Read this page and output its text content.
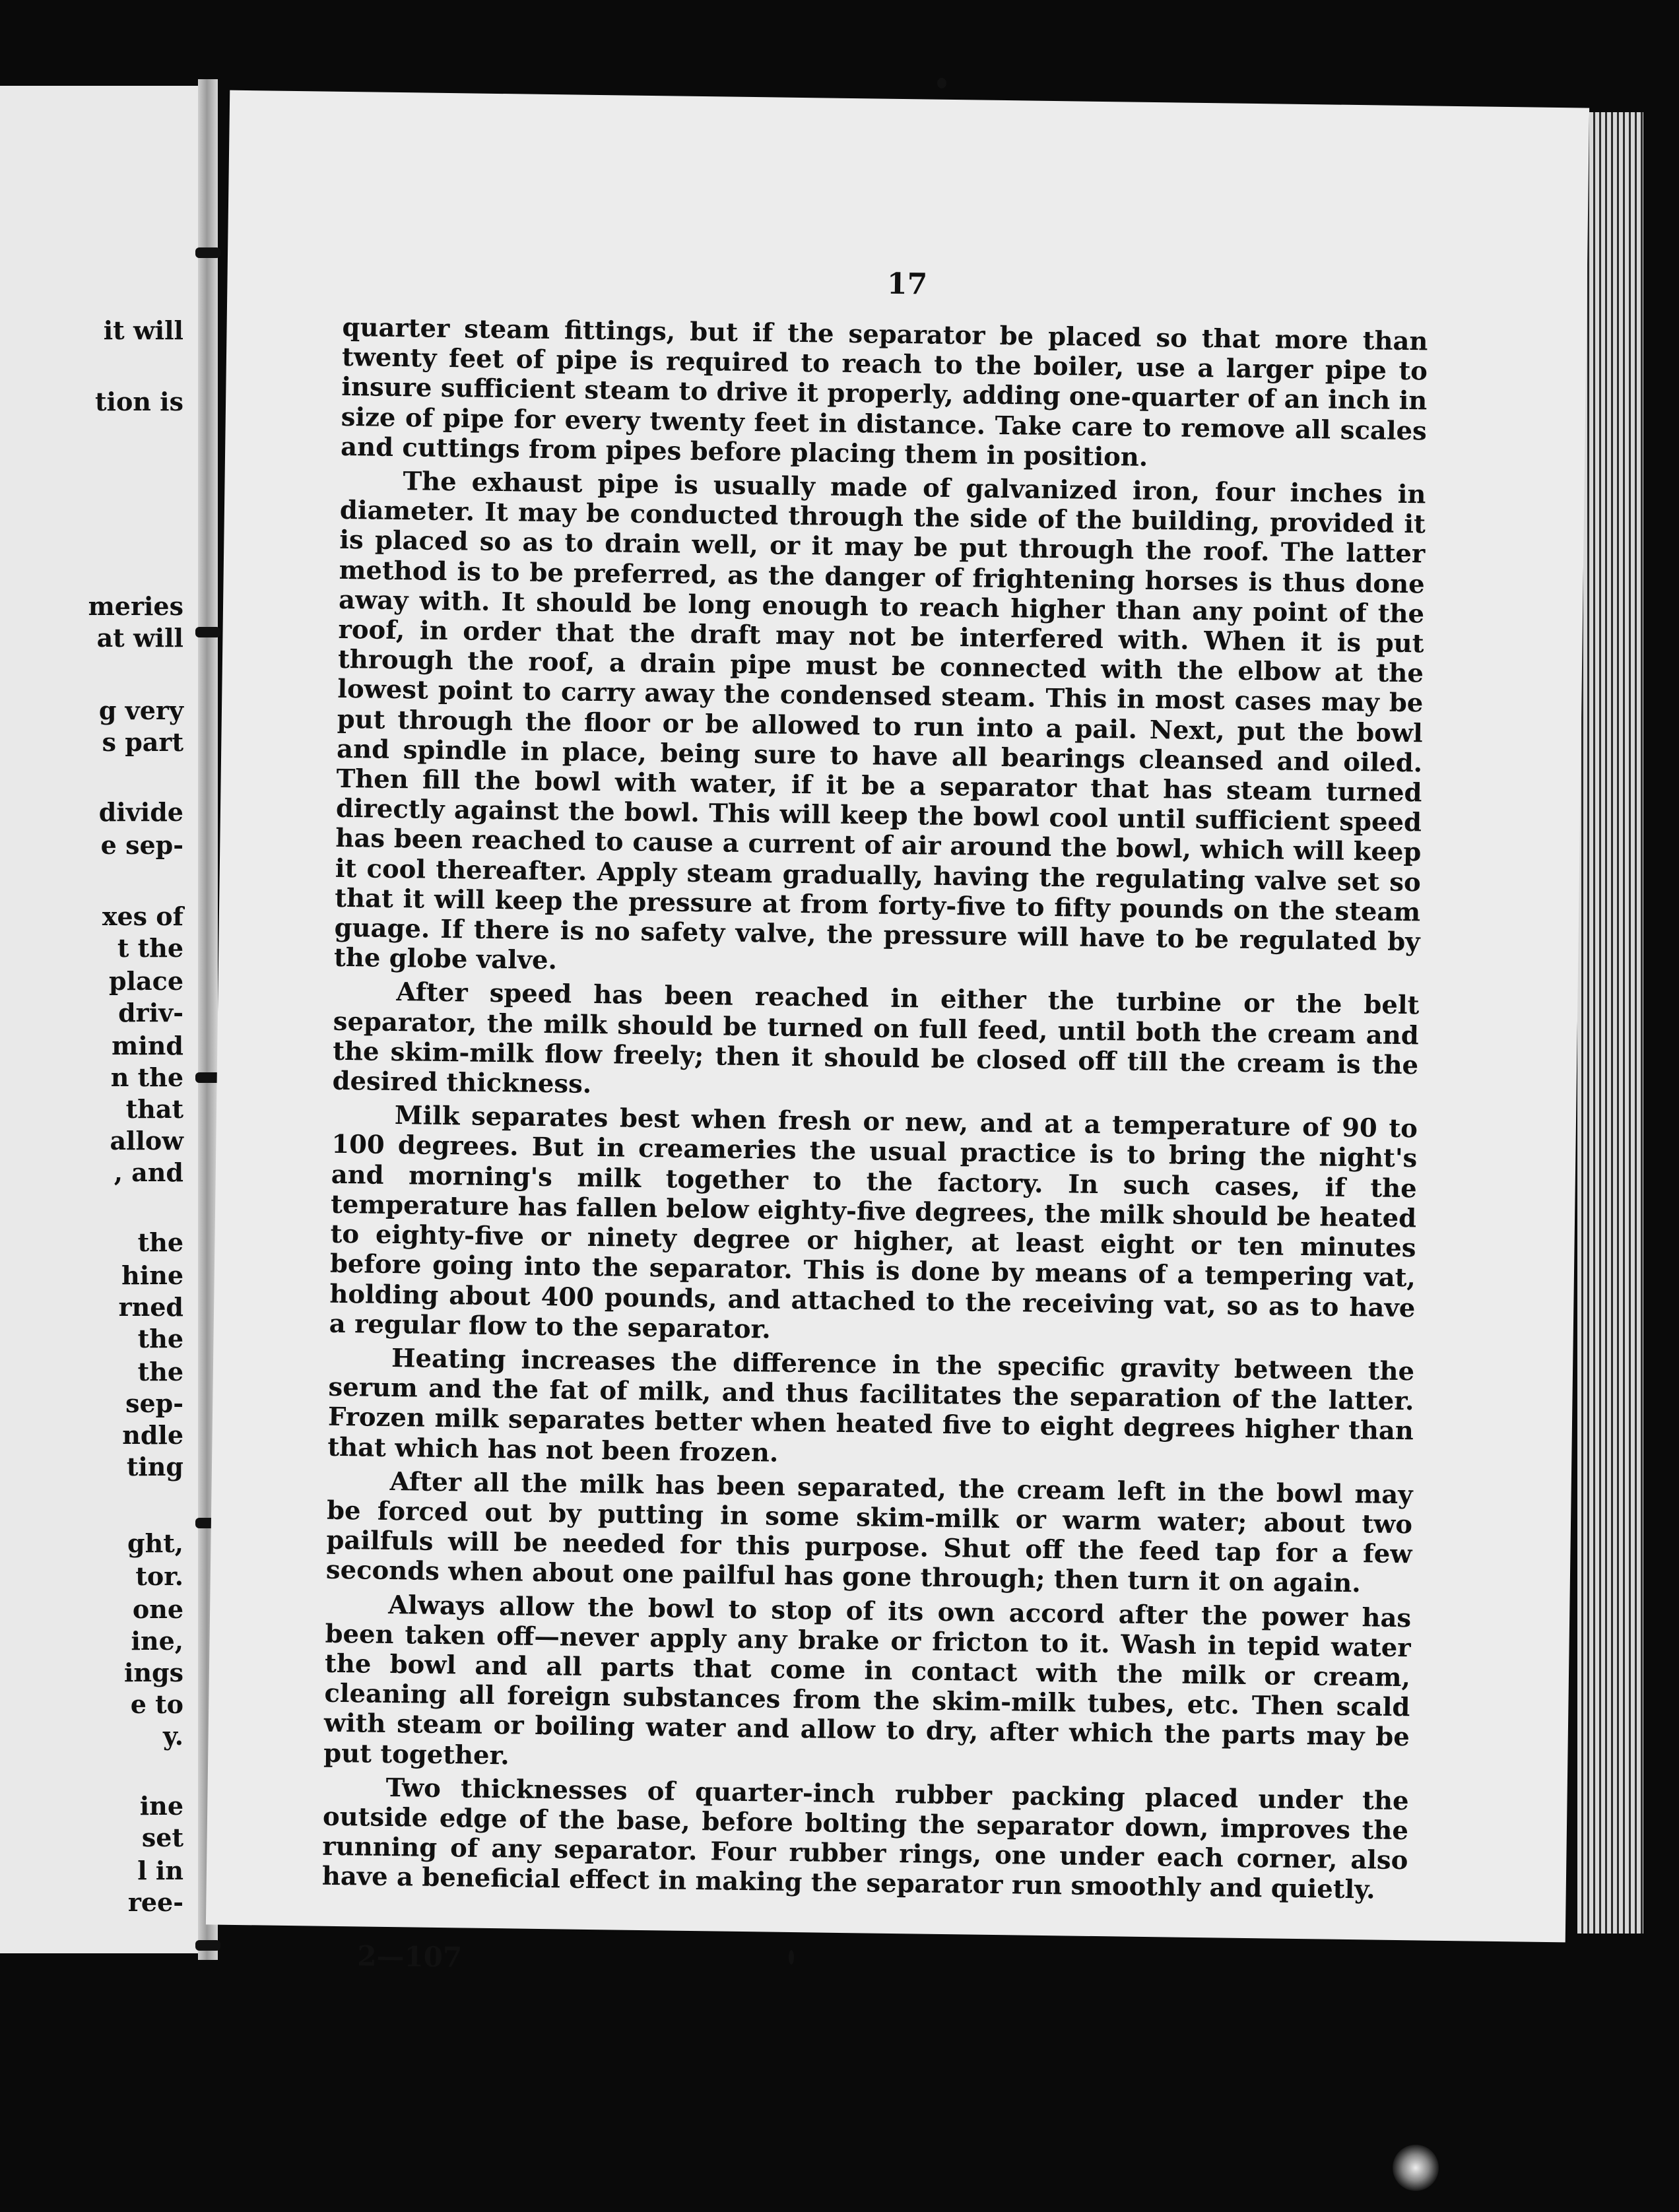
it will

tion is

meries

at will

g very

s part

divide

e sep-

xes of

t the

place

driv-

mind

n the

that

allow

, and

the

hine

rned

the

the

sep-

ndle

ting

ght,

tor.

one

ine,

ings

e to

y.

ine

set

l in

ree-

17

quarter steam fittings, but if the separator be placed so that more than twenty feet of pipe is required to reach to the boiler, use a larger pipe to insure sufficient steam to drive it properly, adding one-quarter of an inch in size of pipe for every twenty feet in distance. Take care to remove all scales and cuttings from pipes before placing them in position.

The exhaust pipe is usually made of galvanized iron, four inches in diameter. It may be conducted through the side of the building, provided it is placed so as to drain well, or it may be put through the roof. The latter method is to be preferred, as the danger of frightening horses is thus done away with. It should be long enough to reach higher than any point of the roof, in order that the draft may not be interfered with. When it is put through the roof, a drain pipe must be connected with the elbow at the lowest point to carry away the condensed steam. This in most cases may be put through the floor or be allowed to run into a pail. Next, put the bowl and spindle in place, being sure to have all bearings cleansed and oiled. Then fill the bowl with water, if it be a separator that has steam turned directly against the bowl. This will keep the bowl cool until sufficient speed has been reached to cause a current of air around the bowl, which will keep it cool thereafter. Apply steam gradually, having the regulating valve set so that it will keep the pressure at from forty-five to fifty pounds on the steam guage. If there is no safety valve, the pressure will have to be regulated by the globe valve.

After speed has been reached in either the turbine or the belt separator, the milk should be turned on full feed, until both the cream and the skim-milk flow freely; then it should be closed off till the cream is the desired thickness.

Milk separates best when fresh or new, and at a temperature of 90 to 100 degrees. But in creameries the usual practice is to bring the night's and morning's milk together to the factory. In such cases, if the temperature has fallen below eighty-five degrees, the milk should be heated to eighty-five or ninety degree or higher, at least eight or ten minutes before going into the separator. This is done by means of a tempering vat, holding about 400 pounds, and attached to the receiving vat, so as to have a regular flow to the separator.

Heating increases the difference in the specific gravity between the serum and the fat of milk, and thus facilitates the separation of the latter. Frozen milk separates better when heated five to eight degrees higher than that which has not been frozen.

After all the milk has been separated, the cream left in the bowl may be forced out by putting in some skim-milk or warm water; about two pailfuls will be needed for this purpose. Shut off the feed tap for a few seconds when about one pailful has gone through; then turn it on again.

Always allow the bowl to stop of its own accord after the power has been taken off—never apply any brake or fricton to it. Wash in tepid water the bowl and all parts that come in contact with the milk or cream, cleaning all foreign substances from the skim-milk tubes, etc. Then scald with steam or boiling water and allow to dry, after which the parts may be put together.

Two thicknesses of quarter-inch rubber packing placed under the outside edge of the base, before bolting the separator down, improves the running of any separator. Four rubber rings, one under each corner, also have a beneficial effect in making the separator run smoothly and quietly.

2—107
